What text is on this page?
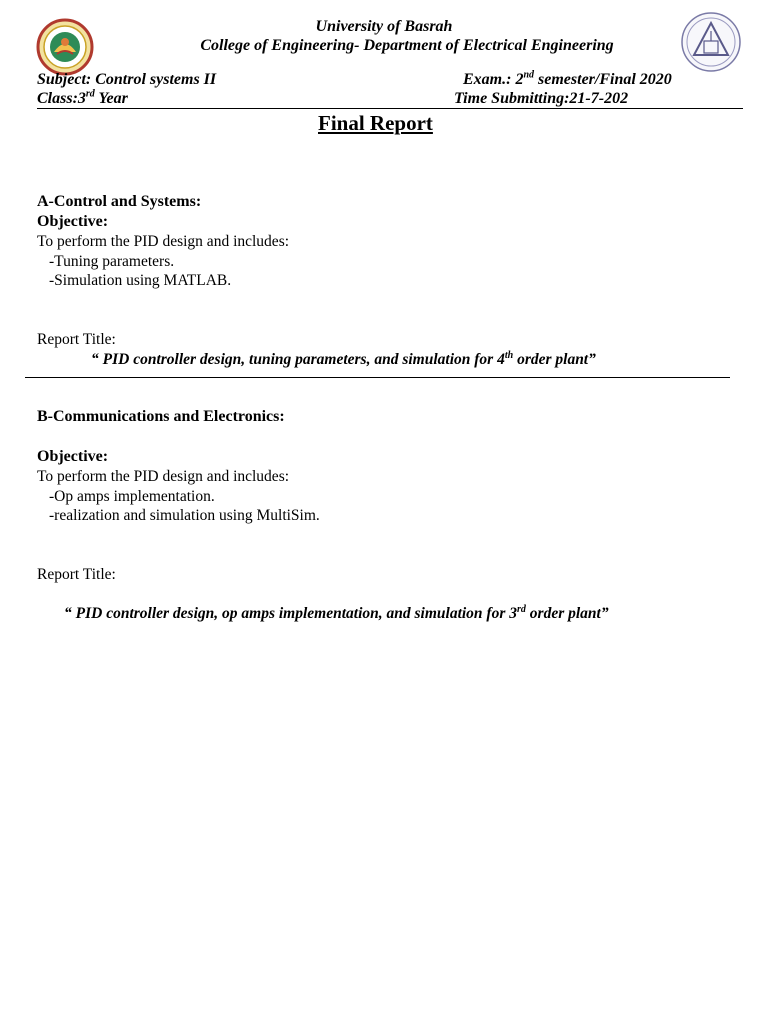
University of Basrah
College of Engineering- Department of Electrical Engineering
Subject: Control systems II	Exam.: 2nd semester/Final 2020
Class:3rd Year	Time Submitting:21-7-202
Final Report
A-Control and Systems:
Objective:
To perform the PID design and includes:
-Tuning parameters.
-Simulation using MATLAB.
Report Title:
“ PID controller design, tuning parameters, and simulation for 4th order plant”
B-Communications and Electronics:
Objective:
To perform the PID design and includes:
-Op amps implementation.
-realization and simulation using MultiSim.
Report Title:
“ PID controller design, op amps implementation, and simulation for 3rd order plant”
